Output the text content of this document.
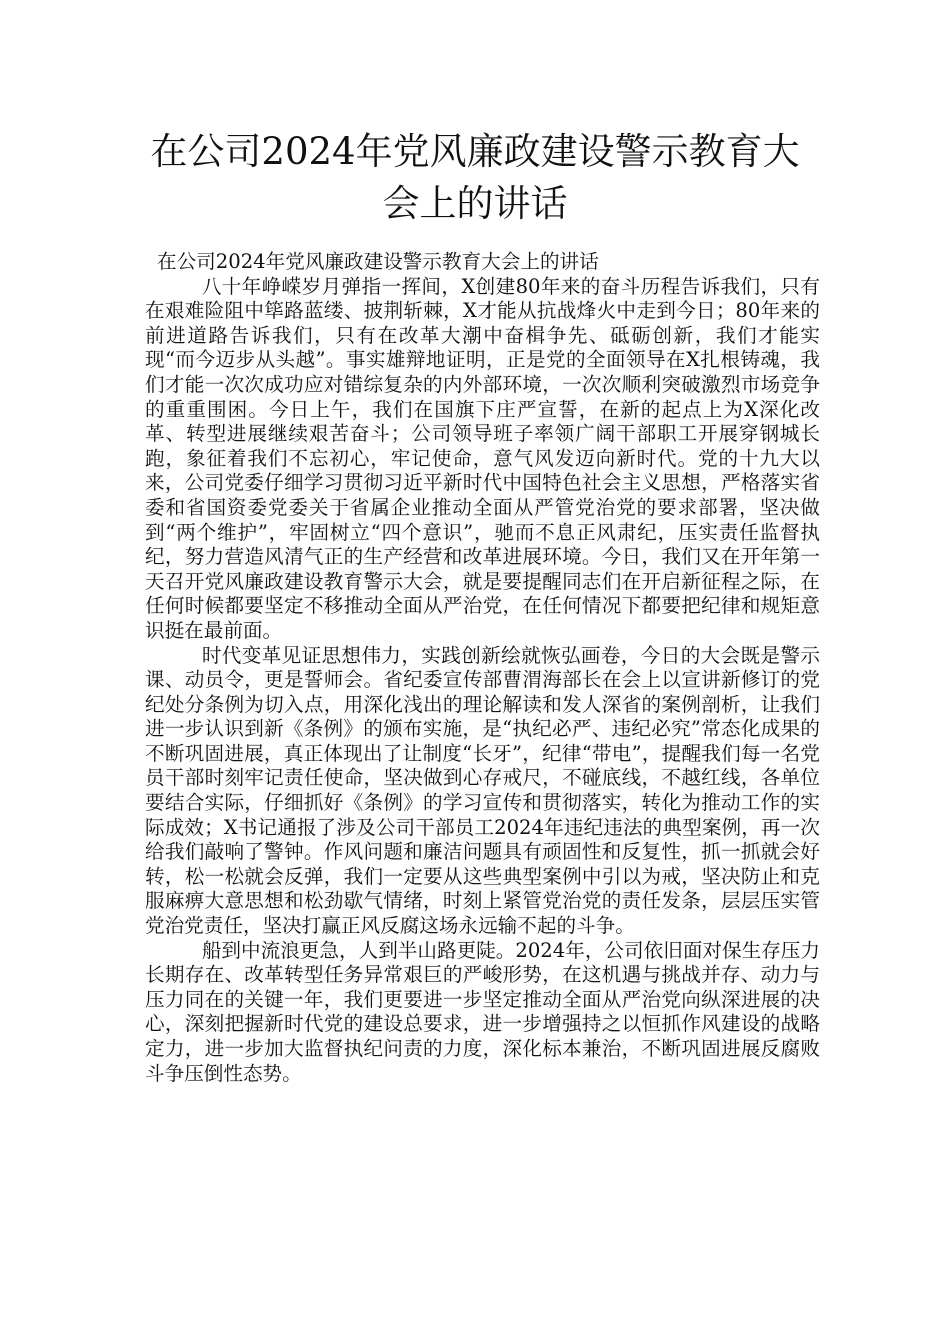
在公司2024年党风廉政建设警示教育大会上的讲话

在公司2024年党风廉政建设警示教育大会上的讲话

八十年峥嵘岁月弹指一挥间，X创建80年来的奋斗历程告诉我们，只有在艰难险阻中筚路蓝缕、披荆斩棘，X才能从抗战烽火中走到今日；80年来的前进道路告诉我们，只有在改革大潮中奋楫争先、砥砺创新，我们才能实现“而今迈步从头越”。事实雄辩地证明，正是党的全面领导在X扎根铸魂，我们才能一次次成功应对错综复杂的内外部环境，一次次顺利突破激烈市场竞争的重重围困。今日上午，我们在国旗下庄严宣誓，在新的起点上为X深化改革、转型进展继续艰苦奋斗；公司领导班子率领广阔干部职工开展穿钢城长跑，象征着我们不忘初心，牢记使命，意气风发迈向新时代。党的十九大以来，公司党委仔细学习贯彻习近平新时代中国特色社会主义思想，严格落实省委和省国资委党委关于省属企业推动全面从严管党治党的要求部署，坚决做到“两个维护”，牢固树立“四个意识”，驰而不息正风肃纪，压实责任监督执纪，努力营造风清气正的生产经营和改革进展环境。今日，我们又在开年第一天召开党风廉政建设教育警示大会，就是要提醒同志们在开启新征程之际，在任何时候都要坚定不移推动全面从严治党，在任何情况下都要把纪律和规矩意识挺在最前面。

时代变革见证思想伟力，实践创新绘就恢弘画卷，今日的大会既是警示课、动员令，更是誓师会。省纪委宣传部曹渭海部长在会上以宣讲新修订的党纪处分条例为切入点，用深化浅出的理论解读和发人深省的案例剖析，让我们进一步认识到新《条例》的颁布实施，是“执纪必严、违纪必究”常态化成果的不断巩固进展，真正体现出了让制度“长牙”，纪律“带电”，提醒我们每一名党员干部时刻牢记责任使命，坚决做到心存戒尺，不碰底线，不越红线，各单位要结合实际，仔细抓好《条例》的学习宣传和贯彻落实，转化为推动工作的实际成效；X书记通报了涉及公司干部员工2024年违纪违法的典型案例，再一次给我们敲响了警钟。作风问题和廉洁问题具有顽固性和反复性，抓一抓就会好转，松一松就会反弹，我们一定要从这些典型案例中引以为戒，坚决防止和克服麻痹大意思想和松劲歇气情绪，时刻上紧管党治党的责任发条，层层压实管党治党责任，坚决打赢正风反腐这场永远输不起的斗争。

船到中流浪更急，人到半山路更陡。2024年，公司依旧面对保生存压力长期存在、改革转型任务异常艰巨的严峻形势，在这机遇与挑战并存、动力与压力同在的关键一年，我们更要进一步坚定推动全面从严治党向纵深进展的决心，深刻把握新时代党的建设总要求，进一步增强持之以恒抓作风建设的战略定力，进一步加大监督执纪问责的力度，深化标本兼治，不断巩固进展反腐败斗争压倒性态势。
